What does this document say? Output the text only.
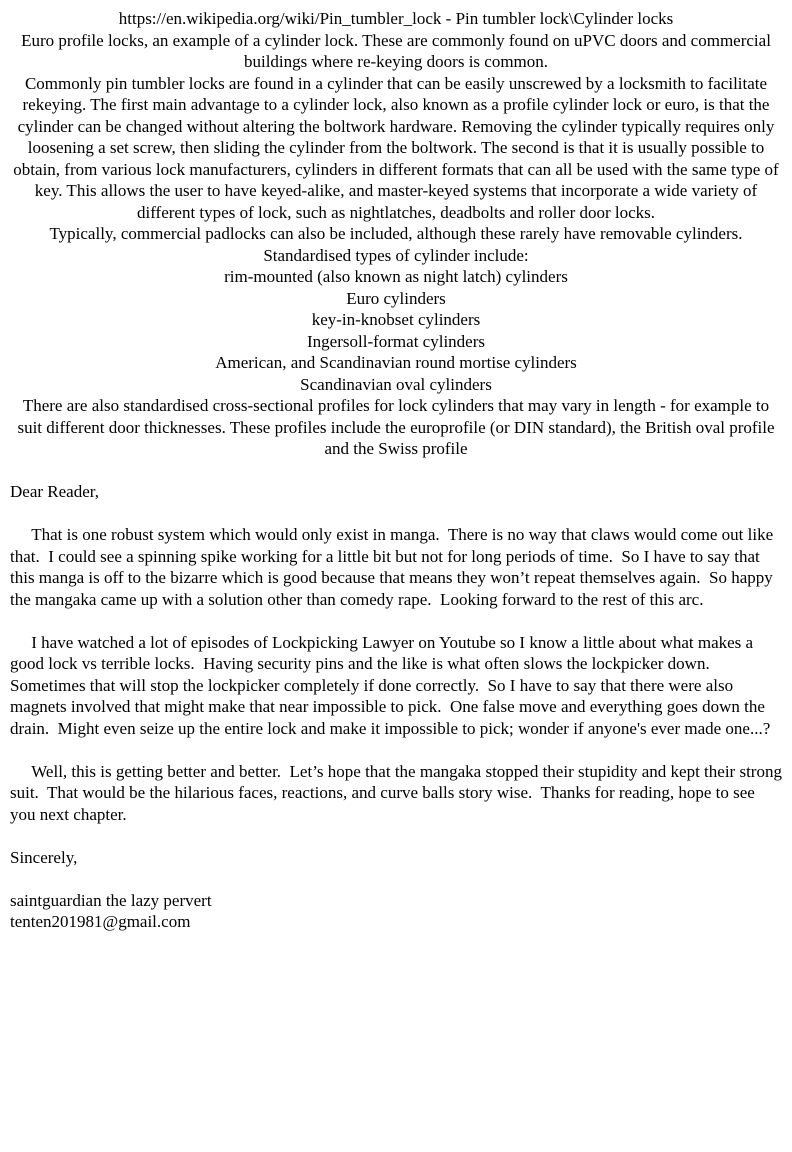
https://en.wikipedia.org/wiki/Pin_tumbler_lock - Pin tumbler lock\Cylinder locks
Euro profile locks, an example of a cylinder lock. These are commonly found on uPVC doors and commercial buildings where re-keying doors is common.
Commonly pin tumbler locks are found in a cylinder that can be easily unscrewed by a locksmith to facilitate rekeying. The first main advantage to a cylinder lock, also known as a profile cylinder lock or euro, is that the cylinder can be changed without altering the boltwork hardware. Removing the cylinder typically requires only loosening a set screw, then sliding the cylinder from the boltwork. The second is that it is usually possible to obtain, from various lock manufacturers, cylinders in different formats that can all be used with the same type of key. This allows the user to have keyed-alike, and master-keyed systems that incorporate a wide variety of different types of lock, such as nightlatches, deadbolts and roller door locks.
Typically, commercial padlocks can also be included, although these rarely have removable cylinders.
Standardised types of cylinder include:
rim-mounted (also known as night latch) cylinders
Euro cylinders
key-in-knobset cylinders
Ingersoll-format cylinders
American, and Scandinavian round mortise cylinders
Scandinavian oval cylinders
There are also standardised cross-sectional profiles for lock cylinders that may vary in length - for example to suit different door thicknesses. These profiles include the europrofile (or DIN standard), the British oval profile and the Swiss profile

Dear Reader,

That is one robust system which would only exist in manga.  There is no way that claws would come out like that.  I could see a spinning spike working for a little bit but not for long periods of time.  So I have to say that this manga is off to the bizarre which is good because that means they won’t repeat themselves again.  So happy the mangaka came up with a solution other than comedy rape.  Looking forward to the rest of this arc.

I have watched a lot of episodes of Lockpicking Lawyer on Youtube so I know a little about what makes a good lock vs terrible locks.  Having security pins and the like is what often slows the lockpicker down.  Sometimes that will stop the lockpicker completely if done correctly.  So I have to say that there were also magnets involved that might make that near impossible to pick.  One false move and everything goes down the drain.  Might even seize up the entire lock and make it impossible to pick; wonder if anyone's ever made one...?

Well, this is getting better and better.  Let’s hope that the mangaka stopped their stupidity and kept their strong suit.  That would be the hilarious faces, reactions, and curve balls story wise.  Thanks for reading, hope to see you next chapter.

Sincerely,

saintguardian the lazy pervert
tenten201981@gmail.com
